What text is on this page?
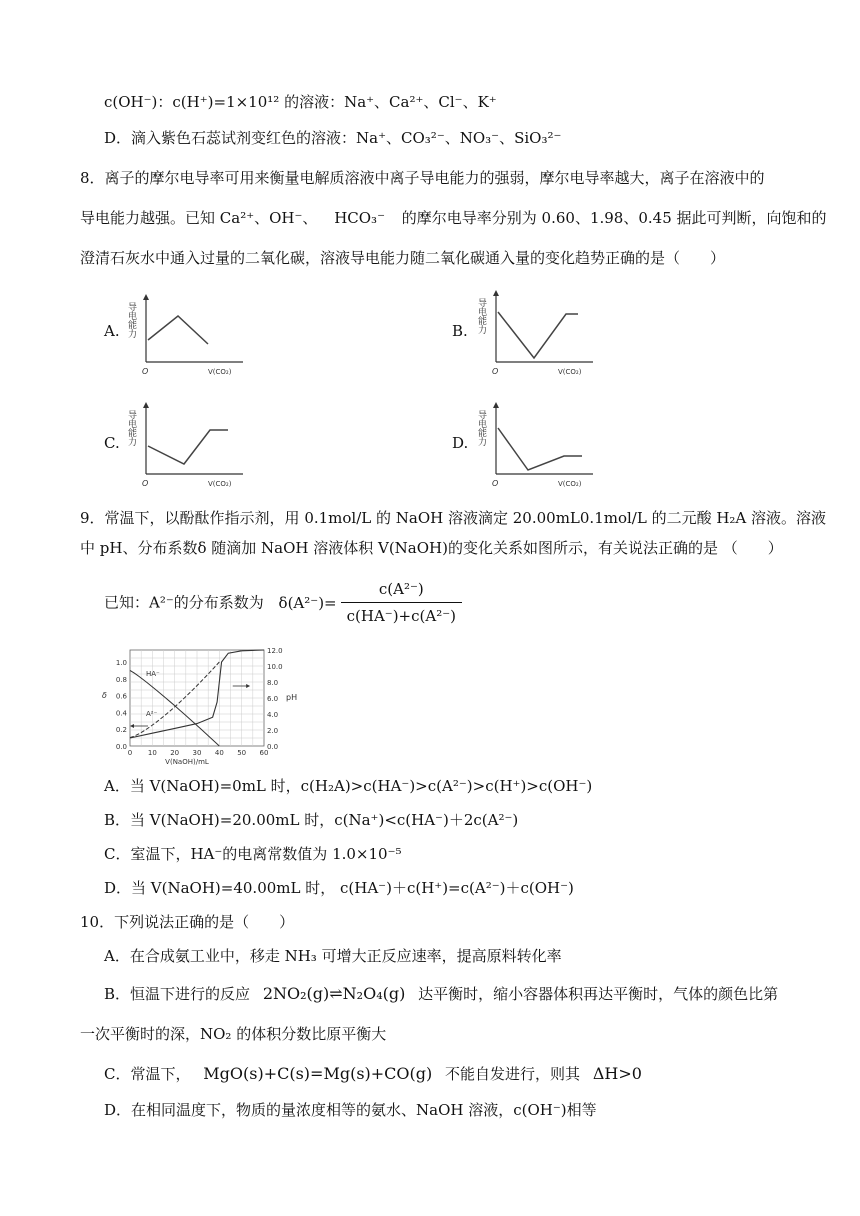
c(OH⁻)：c(H⁺)=1×10¹² 的溶液：Na⁺、Ca²⁺、Cl⁻、K⁺
D．滴入紫色石蕊试剂变红色的溶液：Na⁺、CO₃²⁻、NO₃⁻、SiO₃²⁻
8．离子的摩尔电导率可用来衡量电解质溶液中离子导电能力的强弱，摩尔电导率越大，离子在溶液中的
导电能力越强。已知 Ca²⁺、OH⁻、 HCO₃⁻ 的摩尔电导率分别为 0.60、1.98、0.45 据此可判断，向饱和的
澄清石灰水中通入过量的二氧化碳，溶液导电能力随二氧化碳通入量的变化趋势正确的是（　　）
A.	B.
C.	D.
导电能力
O	V(CO₂)
导电能力
O	V(CO₂)
导电能力
O	V(CO₂)
导电能力
O	V(CO₂)
9．常温下，以酚酞作指示剂，用 0.1mol/L 的 NaOH 溶液滴定 20.00mL0.1mol/L 的二元酸 H₂A 溶液。溶液
中 pH、分布系数δ 随滴加 NaOH 溶液体积 V(NaOH)的变化关系如图所示，有关说法正确的是 （　　）
已知：A²⁻的分布系数为 $\delta(A^{2-})= \frac{\text{c(A²⁻)}}{\text{c(HA⁻)+c(A²⁻)}}$
1.0
0.8
0.6
0.4
0.2
0.0
12.0
10.0
8.0
6.0
4.0
2.0
0.0
0 10 20 30 40 50 60
V(NaOH)/mL
δ	pH
HA⁻
A²⁻
A．当 V(NaOH)=0mL 时，c(H₂A)>c(HA⁻)>c(A²⁻)>c(H⁺)>c(OH⁻)
B．当 V(NaOH)=20.00mL 时，c(Na⁺)<c(HA⁻)＋2c(A²⁻)
C．室温下，HA⁻的电离常数值为 1.0×10⁻⁵
D．当 V(NaOH)=40.00mL 时， c(HA⁻)＋c(H⁺)=c(A²⁻)＋c(OH⁻)
10．下列说法正确的是（　　）
A．在合成氨工业中，移走 NH₃ 可增大正反应速率，提高原料转化率
B．恒温下进行的反应 2NO₂(g)⇌N₂O₄(g) 达平衡时，缩小容器体积再达平衡时，气体的颜色比第
一次平衡时的深，NO₂ 的体积分数比原平衡大
C．常温下， MgO(s)+C(s)=Mg(s)+CO(g) 不能自发进行，则其 ΔH>0
D．在相同温度下，物质的量浓度相等的氨水、NaOH 溶液，c(OH⁻)相等
